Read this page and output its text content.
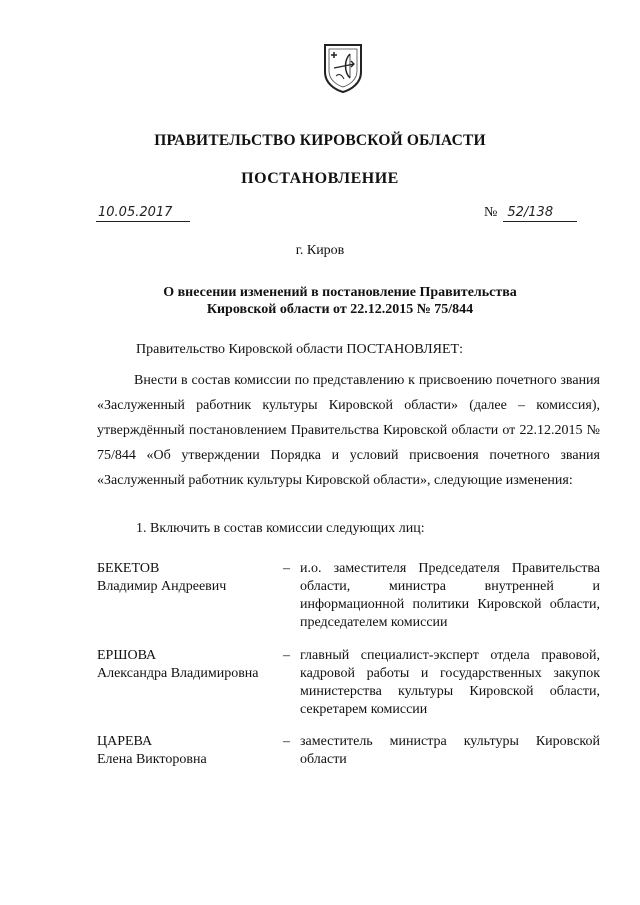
ПРАВИТЕЛЬСТВО КИРОВСКОЙ ОБЛАСТИ
ПОСТАНОВЛЕНИЕ
10.05.2017	№ 52/138
г. Киров
О внесении изменений в постановление Правительства
Кировской области от 22.12.2015 № 75/844
Правительство Кировской области ПОСТАНОВЛЯЕТ:
Внести в состав комиссии по представлению к присвоению почетного звания «Заслуженный работник культуры Кировской области» (далее – комиссия), утверждённый постановлением Правительства Кировской области от 22.12.2015 № 75/844 «Об утверждении Порядка и условий присвоения почетного звания «Заслуженный работник культуры Кировской области», следующие изменения:
1. Включить в состав комиссии следующих лиц:
БЕКЕТОВ
Владимир Андреевич
– и.о. заместителя Председателя Правительства области, министра внутренней и информационной политики Кировской области, председателем комиссии
ЕРШОВА
Александра Владимировна
– главный специалист-эксперт отдела правовой, кадровой работы и государственных закупок министерства культуры Кировской области, секретарем комиссии
ЦАРЕВА
Елена Викторовна
– заместитель министра культуры Кировской области
